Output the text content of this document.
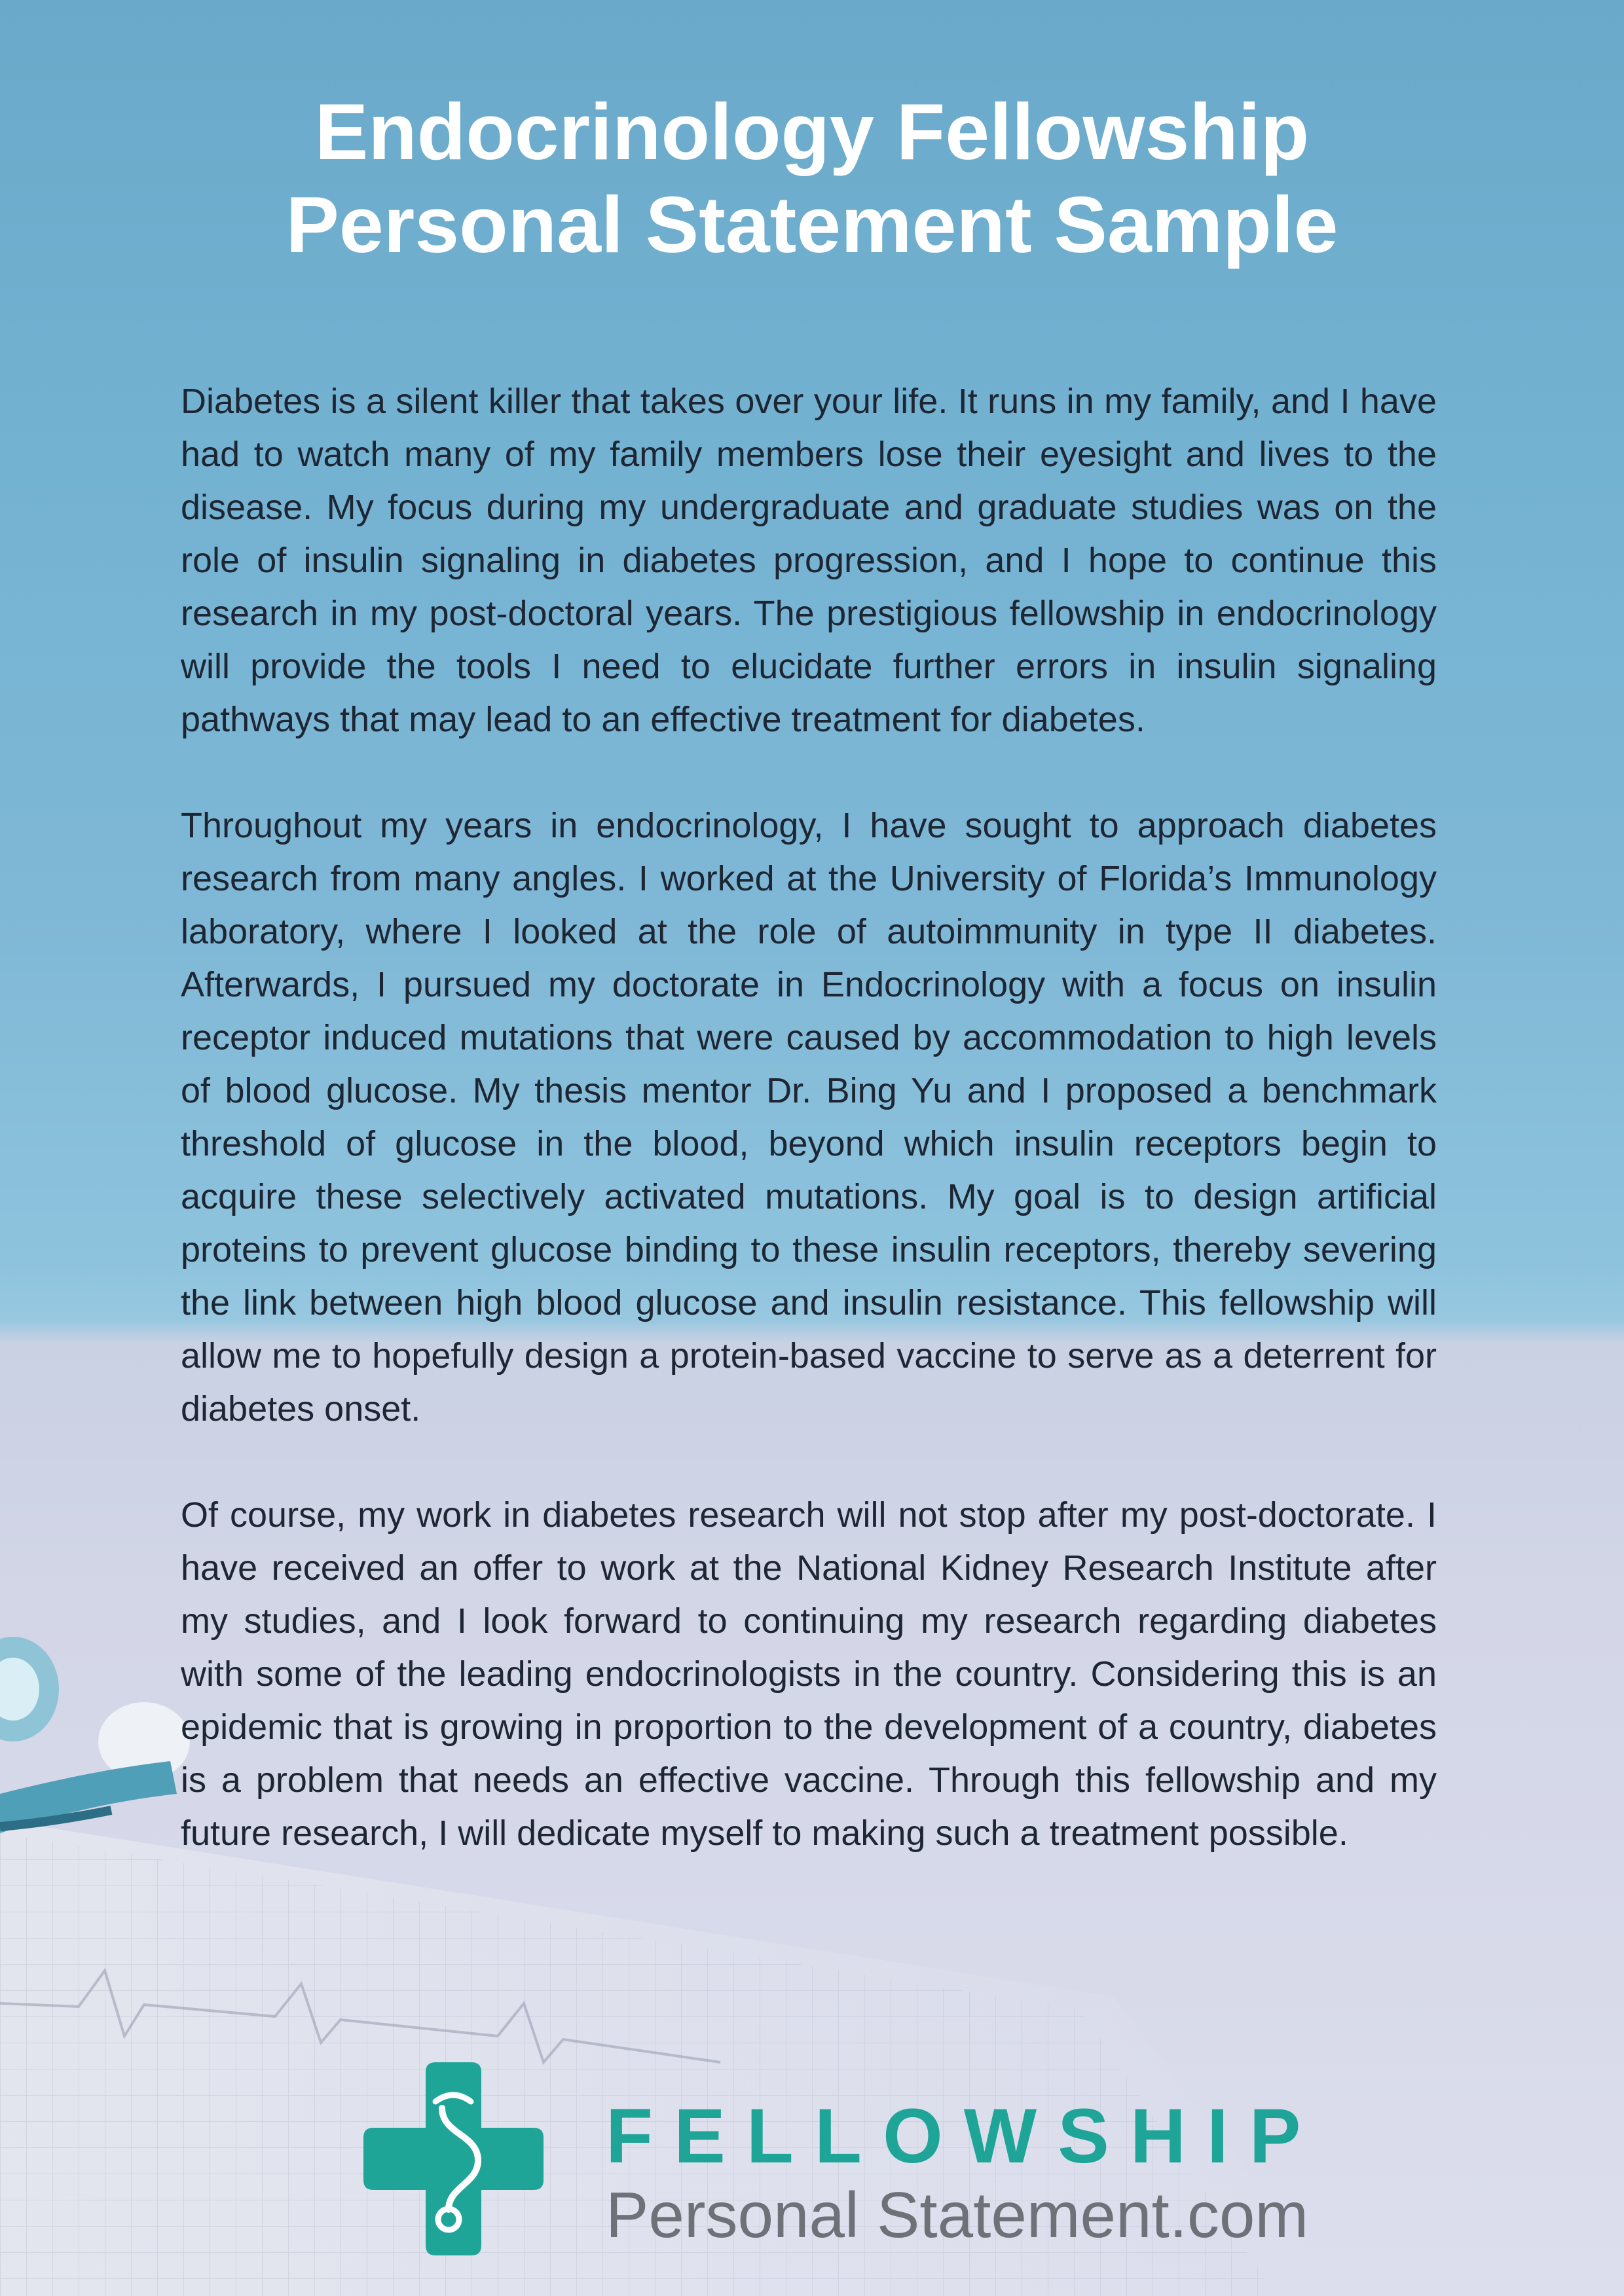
Endocrinology Fellowship
Personal Statement Sample

Diabetes is a silent killer that takes over your life. It runs in my family, and I have had to watch many of my family members lose their eyesight and lives to the disease. My focus during my undergraduate and graduate studies was on the role of insulin signaling in diabetes progression, and I hope to continue this research in my post-doctoral years. The prestigious fellowship in endocrinology will provide the tools I need to elucidate further errors in insulin signaling pathways that may lead to an effective treatment for diabetes.

Throughout my years in endocrinology, I have sought to approach diabetes research from many angles. I worked at the University of Florida’s Immunology laboratory, where I looked at the role of autoimmunity in type II diabetes. Afterwards, I pursued my doctorate in Endocrinology with a focus on insulin receptor induced mutations that were caused by accommodation to high levels of blood glucose. My thesis mentor Dr. Bing Yu and I proposed a benchmark threshold of glucose in the blood, beyond which insulin receptors begin to acquire these selectively activated mutations. My goal is to design artificial proteins to prevent glucose binding to these insulin receptors, thereby severing the link between high blood glucose and insulin resistance. This fellowship will allow me to hopefully design a protein-based vaccine to serve as a deterrent for diabetes onset.

Of course, my work in diabetes research will not stop after my post-doctorate. I have received an offer to work at the National Kidney Research Institute after my studies, and I look forward to continuing my research regarding diabetes with some of the leading endocrinologists in the country. Considering this is an epidemic that is growing in proportion to the development of a country, diabetes is a problem that needs an effective vaccine. Through this fellowship and my future research, I will dedicate myself to making such a treatment possible.

FELLOWSHIP
Personal Statement.com
